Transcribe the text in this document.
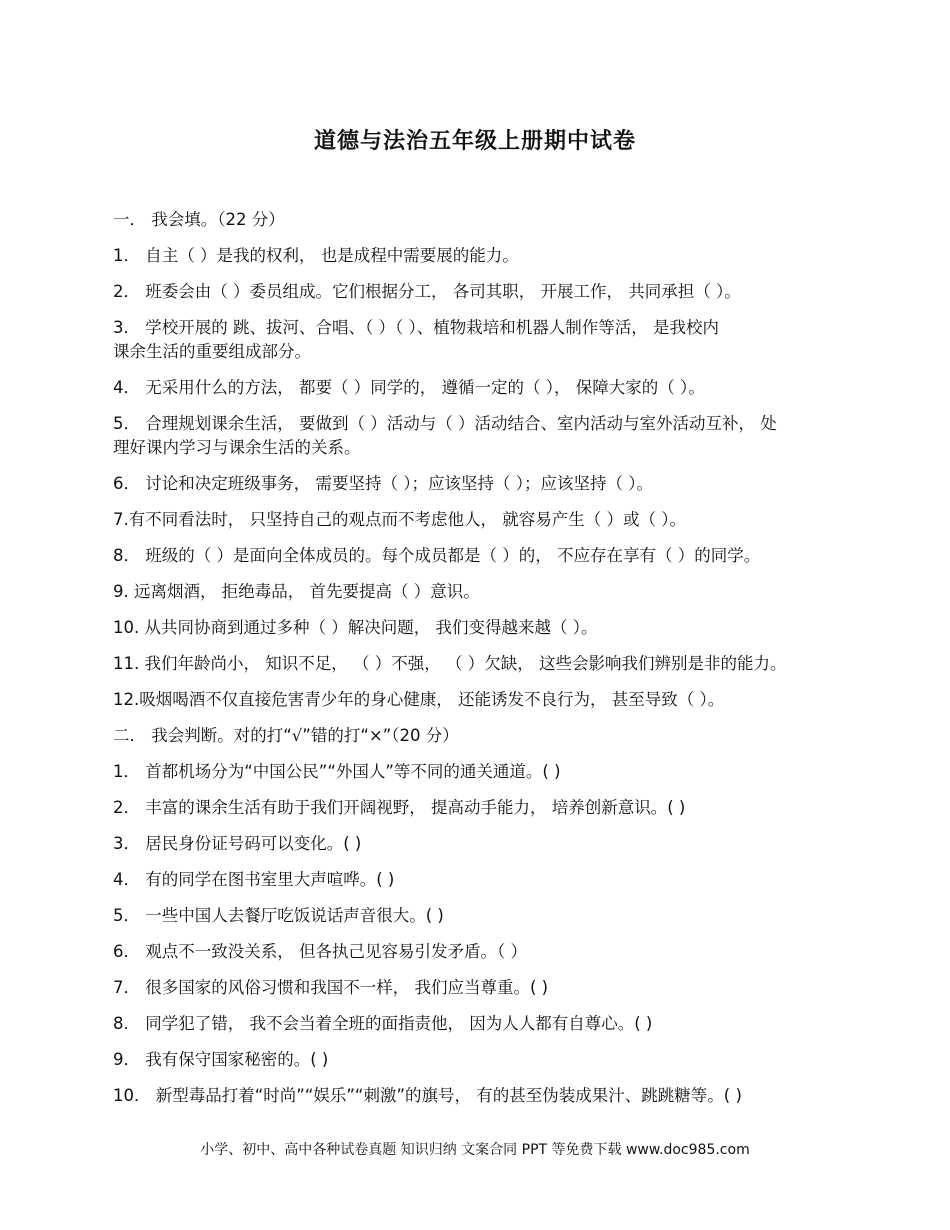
道德与法治五年级上册期中试卷

一． 我会填。（22 分）

1． 自主（ ）是我的权利， 也是成程中需要展的能力。

2． 班委会由（ ）委员组成。它们根据分工， 各司其职， 开展工作， 共同承担（ ）。

3． 学校开展的 跳、拔河、合唱、（ ）（ ）、植物栽培和机器人制作等活， 是我校内
课余生活的重要组成部分。

4． 无采用什么的方法， 都要（ ）同学的， 遵循一定的（ ）， 保障大家的（ ）。

5． 合理规划课余生活， 要做到（ ）活动与（ ）活动结合、室内活动与室外活动互补， 处
理好课内学习与课余生活的关系。

6． 讨论和决定班级事务， 需要坚持（ ）；应该坚持（ ）；应该坚持（ ）。

7.有不同看法时， 只坚持自己的观点而不考虑他人， 就容易产生（ ）或（ ）。

8． 班级的（ ）是面向全体成员的。每个成员都是（ ）的， 不应存在享有（ ）的同学。

9. 远离烟酒， 拒绝毒品， 首先要提高（ ）意识。

10. 从共同协商到通过多种（ ）解决问题， 我们变得越来越（ ）。

11. 我们年龄尚小， 知识不足， （ ）不强， （ ）欠缺， 这些会影响我们辨别是非的能力。

12.吸烟喝酒不仅直接危害青少年的身心健康， 还能诱发不良行为， 甚至导致（ ）。

二． 我会判断。对的打“√”错的打“×”（20 分）

1． 首都机场分为“中国公民”“外国人”等不同的通关通道。( )

2． 丰富的课余生活有助于我们开阔视野， 提高动手能力， 培养创新意识。( )

3． 居民身份证号码可以变化。( )

4． 有的同学在图书室里大声喧哗。( )

5． 一些中国人去餐厅吃饭说话声音很大。( )

6． 观点不一致没关系， 但各执己见容易引发矛盾。（ ）

7． 很多国家的风俗习惯和我国不一样， 我们应当尊重。( )

8． 同学犯了错， 我不会当着全班的面指责他， 因为人人都有自尊心。( )

9． 我有保守国家秘密的。( )

10． 新型毒品打着“时尚”“娱乐”“刺激”的旗号， 有的甚至伪装成果汁、跳跳糖等。( )

小学、初中、高中各种试卷真题 知识归纳 文案合同 PPT 等免费下载 www.doc985.com
